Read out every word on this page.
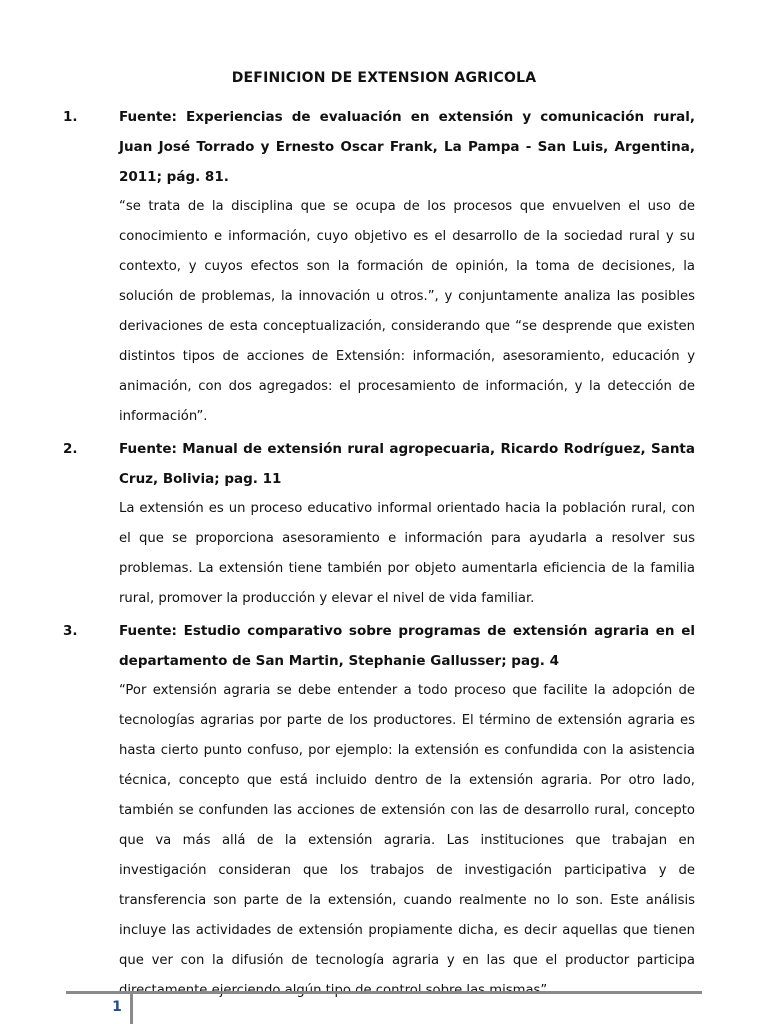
DEFINICION DE EXTENSION AGRICOLA
1.	Fuente: Experiencias de evaluación en extensión y comunicación rural, Juan José Torrado y Ernesto Oscar Frank, La Pampa - San Luis, Argentina, 2011; pág. 81.

“se trata de la disciplina que se ocupa de los procesos que envuelven el uso de conocimiento e información, cuyo objetivo es el desarrollo de la sociedad rural y su contexto, y cuyos efectos son la formación de opinión, la toma de decisiones, la solución de problemas, la innovación u otros.”, y conjuntamente analiza las posibles derivaciones de esta conceptualización, considerando que “se desprende que existen distintos tipos de acciones de Extensión: información, asesoramiento, educación y animación, con dos agregados: el procesamiento de información, y la detección de información”.

2.	Fuente: Manual de extensión rural agropecuaria, Ricardo Rodríguez, Santa Cruz, Bolivia; pag. 11

La extensión es un proceso educativo informal orientado hacia la población rural, con el que se proporciona asesoramiento e información para ayudarla a resolver sus problemas. La extensión tiene también por objeto aumentarla eficiencia de la familia rural, promover la producción y elevar el nivel de vida familiar.

3.	Fuente: Estudio comparativo sobre programas de extensión agraria en el departamento de San Martin, Stephanie Gallusser; pag. 4

“Por extensión agraria se debe entender a todo proceso que facilite la adopción de tecnologías agrarias por parte de los productores. El término de extensión agraria es hasta cierto punto confuso, por ejemplo: la extensión es confundida con la asistencia técnica, concepto que está incluido dentro de la extensión agraria. Por otro lado, también se confunden las acciones de extensión con las de desarrollo rural, concepto que va más allá de la extensión agraria. Las instituciones que trabajan en investigación consideran que los trabajos de investigación participativa y de transferencia son parte de la extensión, cuando realmente no lo son. Este análisis incluye las actividades de extensión propiamente dicha, es decir aquellas que tienen que ver con la difusión de tecnología agraria y en las que el productor participa

1
